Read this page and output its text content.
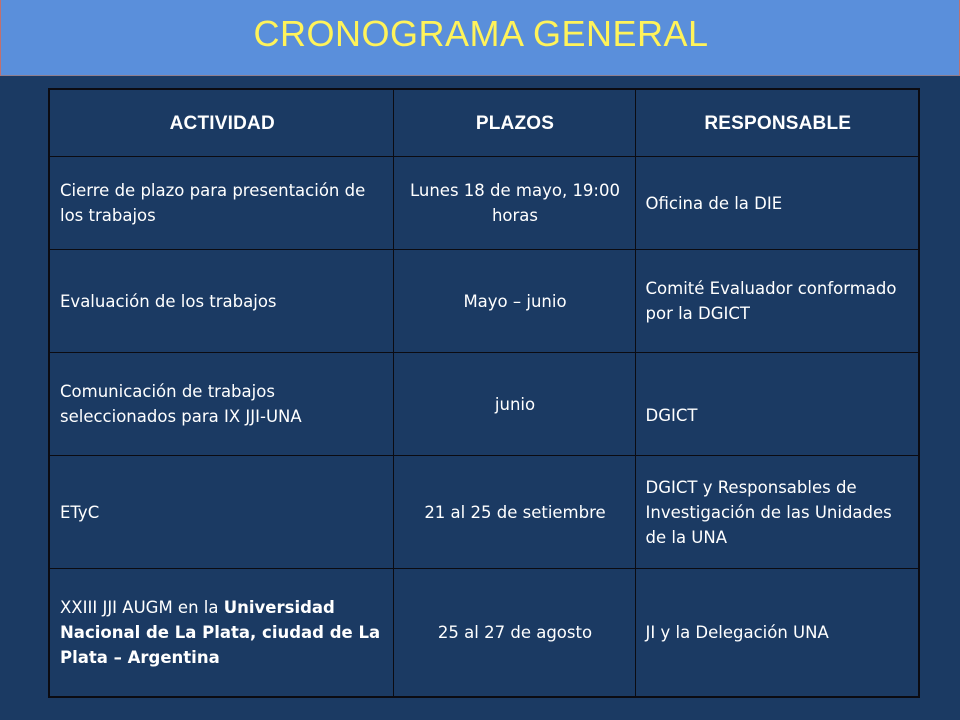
CRONOGRAMA GENERAL
ACTIVIDAD	PLAZOS	RESPONSABLE
Cierre de plazo para presentación de los trabajos	Lunes 18 de mayo, 19:00 horas	Oficina de la DIE
Evaluación de los trabajos	Mayo – junio	Comité Evaluador conformado por la DGICT
Comunicación de trabajos seleccionados para IX JJI-UNA	junio	DGICT

ETyC	21 al 25 de setiembre	DGICT y Responsables de Investigación de las Unidades de la UNA
XXIII JJI AUGM en la Universidad Nacional de La Plata, ciudad de La Plata – Argentina	25 al 27 de agosto	JI y la Delegación UNA
